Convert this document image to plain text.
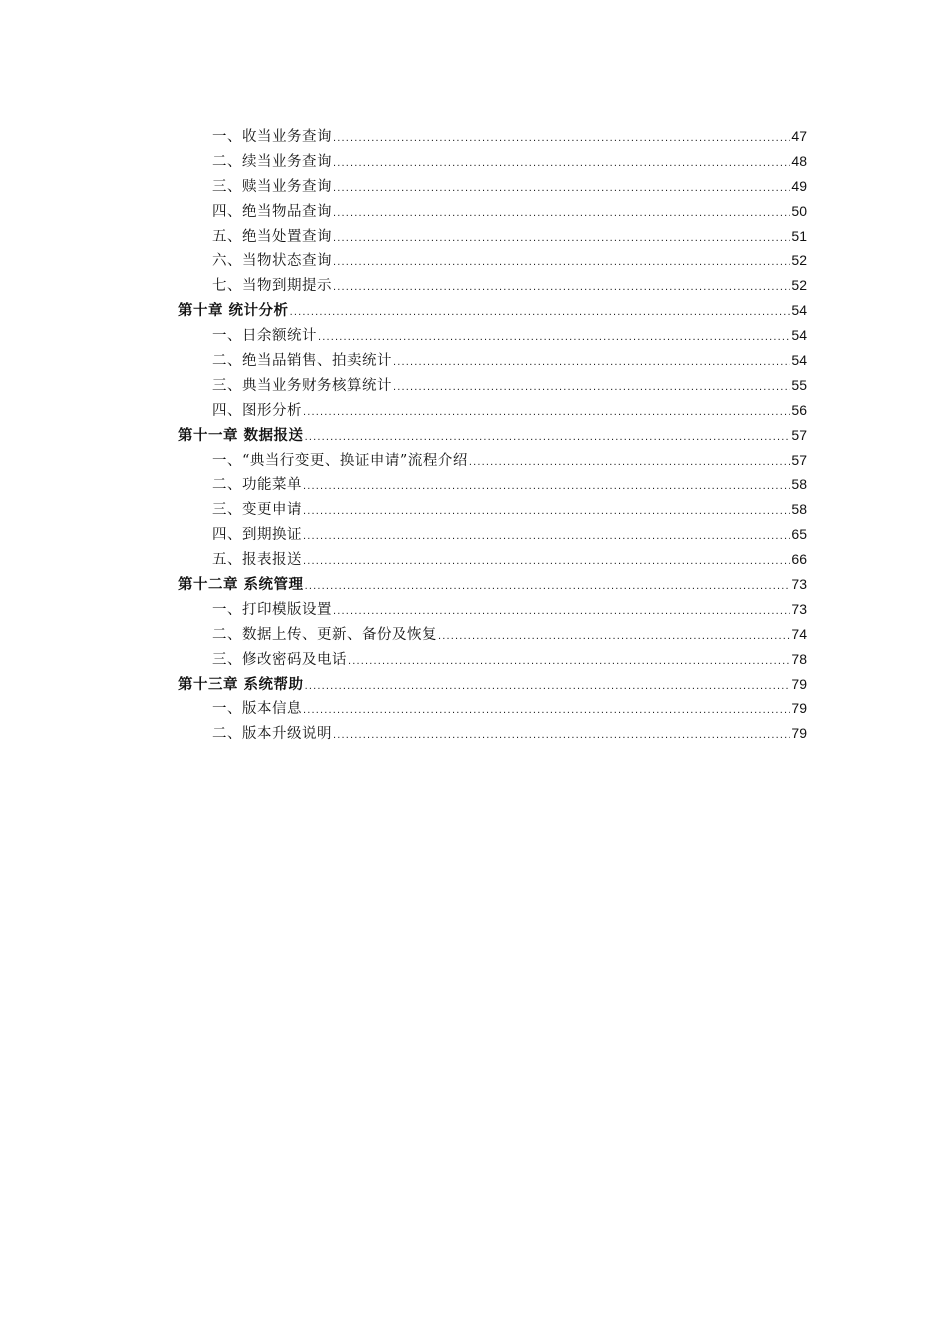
一、收当业务查询 .....	47
二、续当业务查询 .....	48
三、赎当业务查询 .....	49
四、绝当物品查询 .....	50
五、绝当处置查询 .....	51
六、当物状态查询 .....	52
七、当物到期提示 .....	52
第十章 统计分析 .....	54
一、日余额统计 .....	54
二、绝当品销售、拍卖统计 .....	54
三、典当业务财务核算统计 .....	55
四、图形分析 .....	56
第十一章 数据报送 .....	57
一、“典当行变更、换证申请”流程介绍 .....	57
二、功能菜单 .....	58
三、变更申请 .....	58
四、到期换证 .....	65
五、报表报送 .....	66
第十二章 系统管理 .....	73
一、打印模版设置 .....	73
二、数据上传、更新、备份及恢复 .....	74
三、修改密码及电话 .....	78
第十三章 系统帮助 .....	79
一、版本信息 .....	79
二、版本升级说明 .....	79
